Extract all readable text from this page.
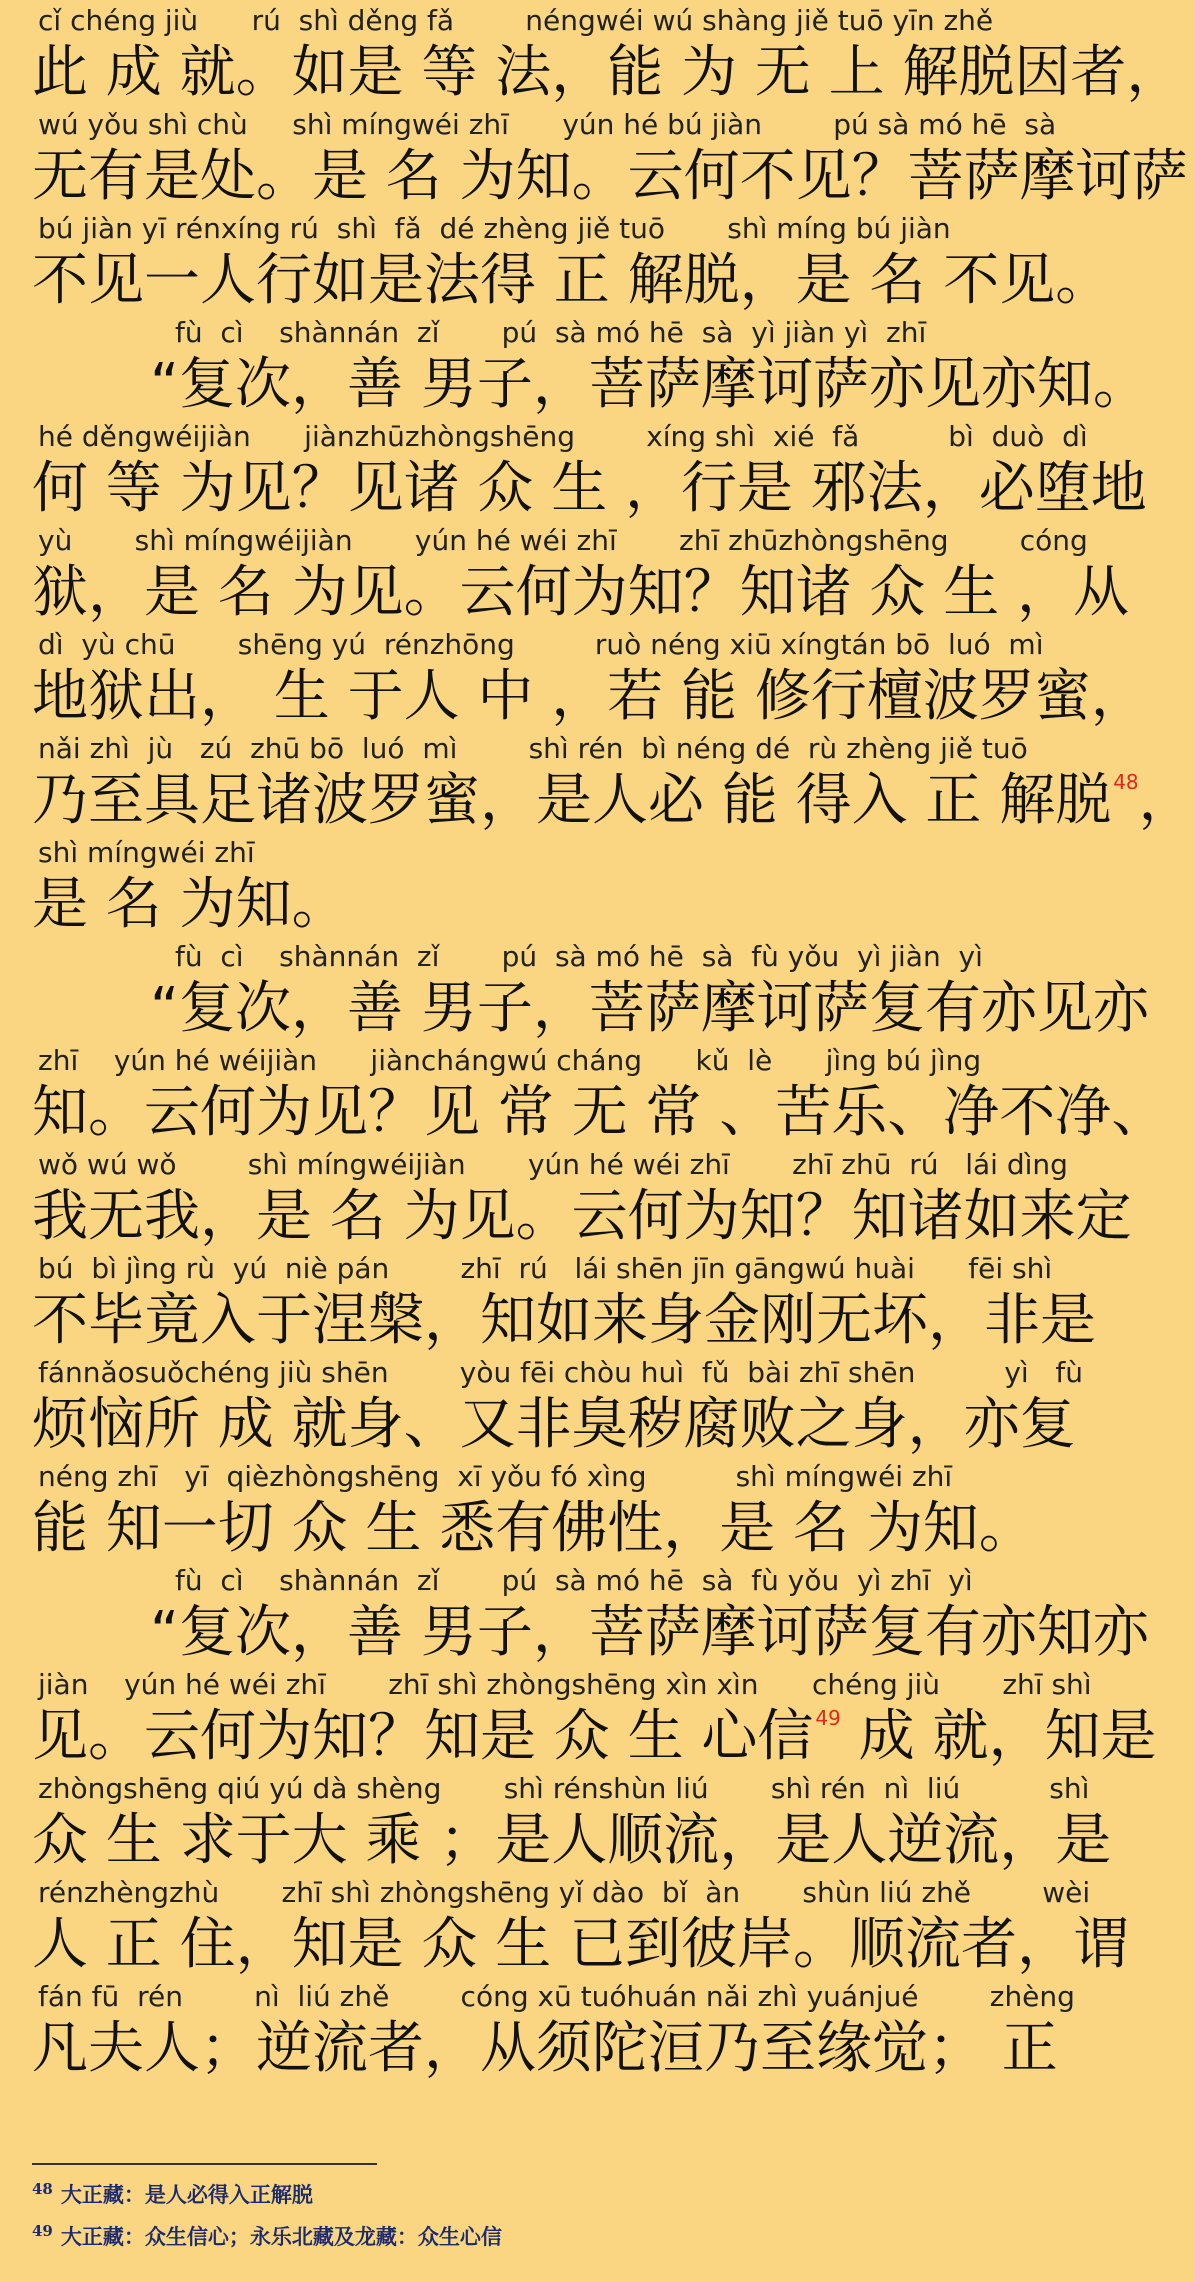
cǐ chéng jiù      rú  shì děng fǎ        néngwéi wú shàng jiě tuō yīn zhě
此 成 就。如是 等 法，能 为 无 上 解脱因者，
wú yǒu shì chù     shì míngwéi zhī      yún hé bú jiàn        pú sà mó hē  sà
无有是处。是 名 为知。云何不见？菩萨摩诃萨
bú jiàn yī rénxíng rú  shì  fǎ  dé zhèng jiě tuō       shì míng bú jiàn
不见一人行如是法得 正 解脱，是 名 不见。
fù  cì    shànnán  zǐ       pú  sà mó hē  sà  yì jiàn yì  zhī
“复次，善 男子，菩萨摩诃萨亦见亦知。
hé děngwéijiàn      jiànzhūzhòngshēng        xíng shì  xié  fǎ          bì  duò  dì
何 等 为见？见诸 众 生 ，行是 邪法，必堕地
yù       shì míngwéijiàn       yún hé wéi zhī       zhī zhūzhòngshēng        cóng
狱，是 名 为见。云何为知？知诸 众 生 ，从
dì  yù chū       shēng yú  rénzhōng         ruò néng xiū xíngtán bō  luó  mì
地狱出， 生 于人 中 ，若 能 修行檀波罗蜜，
nǎi zhì  jù   zú  zhū bō  luó  mì        shì rén  bì néng dé  rù zhèng jiě tuō
乃至具足诸波罗蜜，是人必 能 得入 正 解脱 $^{48}$，
shì míngwéi zhī
是 名 为知。
fù  cì    shànnán  zǐ       pú  sà mó hē  sà  fù yǒu  yì jiàn  yì
“复次，善 男子，菩萨摩诃萨复有亦见亦
zhī    yún hé wéijiàn      jiànchángwú cháng      kǔ  lè      jìng bú jìng
知。云何为见？见 常 无 常 、苦乐、净不净、
wǒ wú wǒ        shì míngwéijiàn       yún hé wéi zhī       zhī zhū  rú   lái dìng
我无我，是 名 为见。云何为知？知诸如来定
bú  bì jìng rù  yú  niè pán        zhī  rú   lái shēn jīn gāngwú huài      fēi shì
不毕竟入于涅槃，知如来身金刚无坏，非是
fánnǎosuǒchéng jiù shēn        yòu fēi chòu huì  fǔ  bài zhī shēn          yì   fù
烦恼所 成 就身、又非臭秽腐败之身，亦复
néng zhī   yī  qièzhòngshēng  xī yǒu fó xìng          shì míngwéi zhī
能 知一切 众 生 悉有佛性，是 名 为知。
fù  cì    shànnán  zǐ       pú  sà mó hē  sà  fù yǒu  yì zhī  yì
“复次，善 男子，菩萨摩诃萨复有亦知亦
jiàn    yún hé wéi zhī       zhī shì zhòngshēng xìn xìn      chéng jiù       zhī shì
见。云何为知？知是 众 生 心信 $^{49}$ 成 就，知是
zhòngshēng qiú yú dà shèng       shì rénshùn liú       shì rén  nì  liú          shì
众 生 求于大 乘 ；是人顺流，是人逆流，是
rénzhèngzhù       zhī shì zhòngshēng yǐ dào  bǐ  àn       shùn liú zhě        wèi
人 正 住，知是 众 生 已到彼岸。顺流者，谓
fán fū  rén        nì  liú zhě        cóng xū tuóhuán nǎi zhì yuánjué        zhèng
凡夫人；逆流者，从须陀洹乃至缘觉； 正
$^{48}$ 大正藏：是人必得入正解脱
$^{49}$ 大正藏：众生信心；永乐北藏及龙藏：众生心信
